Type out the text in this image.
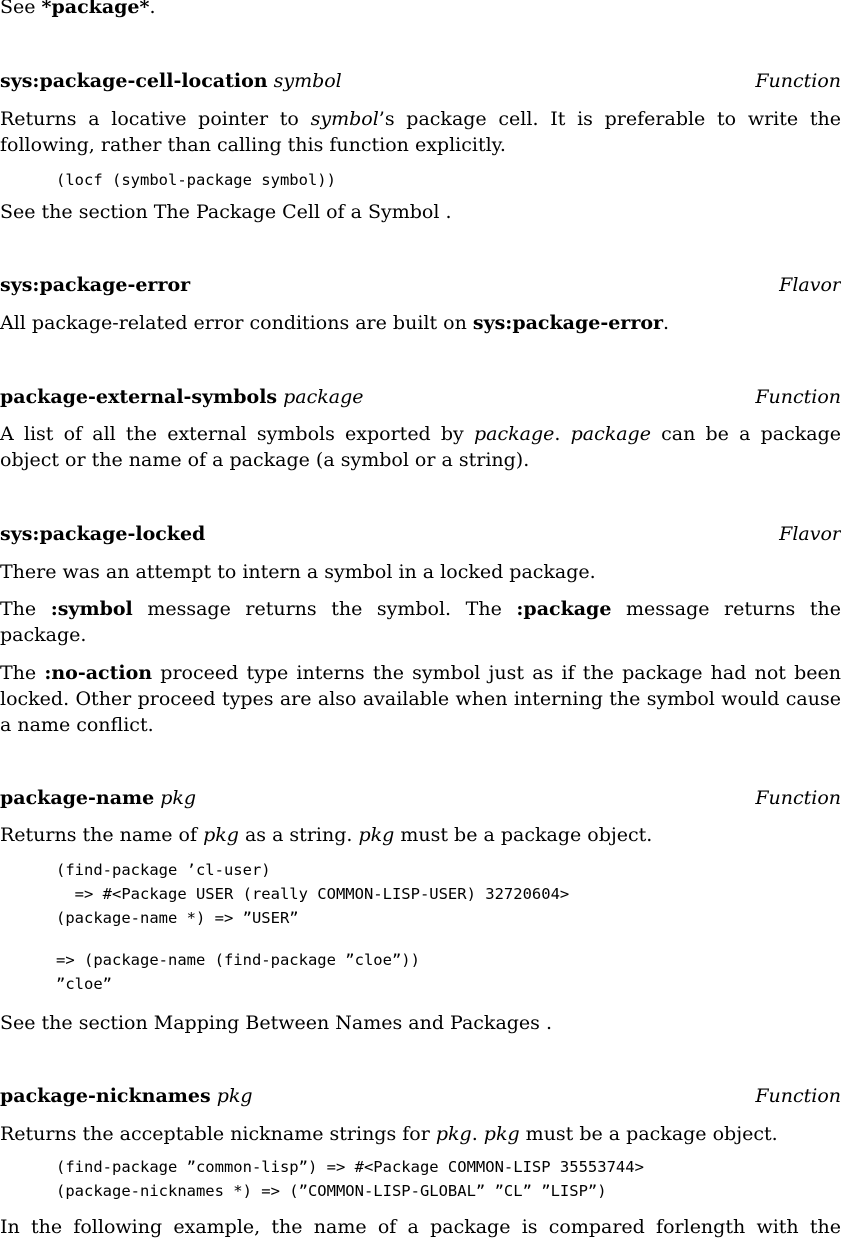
See *package*.
sys:package-cell-location symbol	Function

Returns a locative pointer to symbol’s package cell. It is preferable to write the following, rather than calling this function explicitly.

(locf (symbol-package symbol))
See the section The Package Cell of a Symbol .
sys:package-error	Flavor

All package-related error conditions are built on sys:package-error.

package-external-symbols package	Function

A list of all the external symbols exported by package. package can be a package object or the name of a package (a symbol or a string).

sys:package-locked	Flavor

There was an attempt to intern a symbol in a locked package.

The :symbol message returns the symbol. The :package message returns the package.

The :no-action proceed type interns the symbol just as if the package had not been locked. Other proceed types are also available when interning the symbol would cause a name conflict.

package-name pkg	Function

Returns the name of pkg as a string. pkg must be a package object.

(find-package ’cl-user)
=> #<Package USER (really COMMON-LISP-USER) 32720604>
(package-name *) => ”USER”
=> (package-name (find-package ”cloe”))
”cloe”
See the section Mapping Between Names and Packages .
package-nicknames pkg	Function

Returns the acceptable nickname strings for pkg. pkg must be a package object.

(find-package ”common-lisp”) => #<Package COMMON-LISP 35553744>
(package-nicknames *) => (”COMMON-LISP-GLOBAL” ”CL” ”LISP”)

In the following example, the name of a package is compared forlength with the
